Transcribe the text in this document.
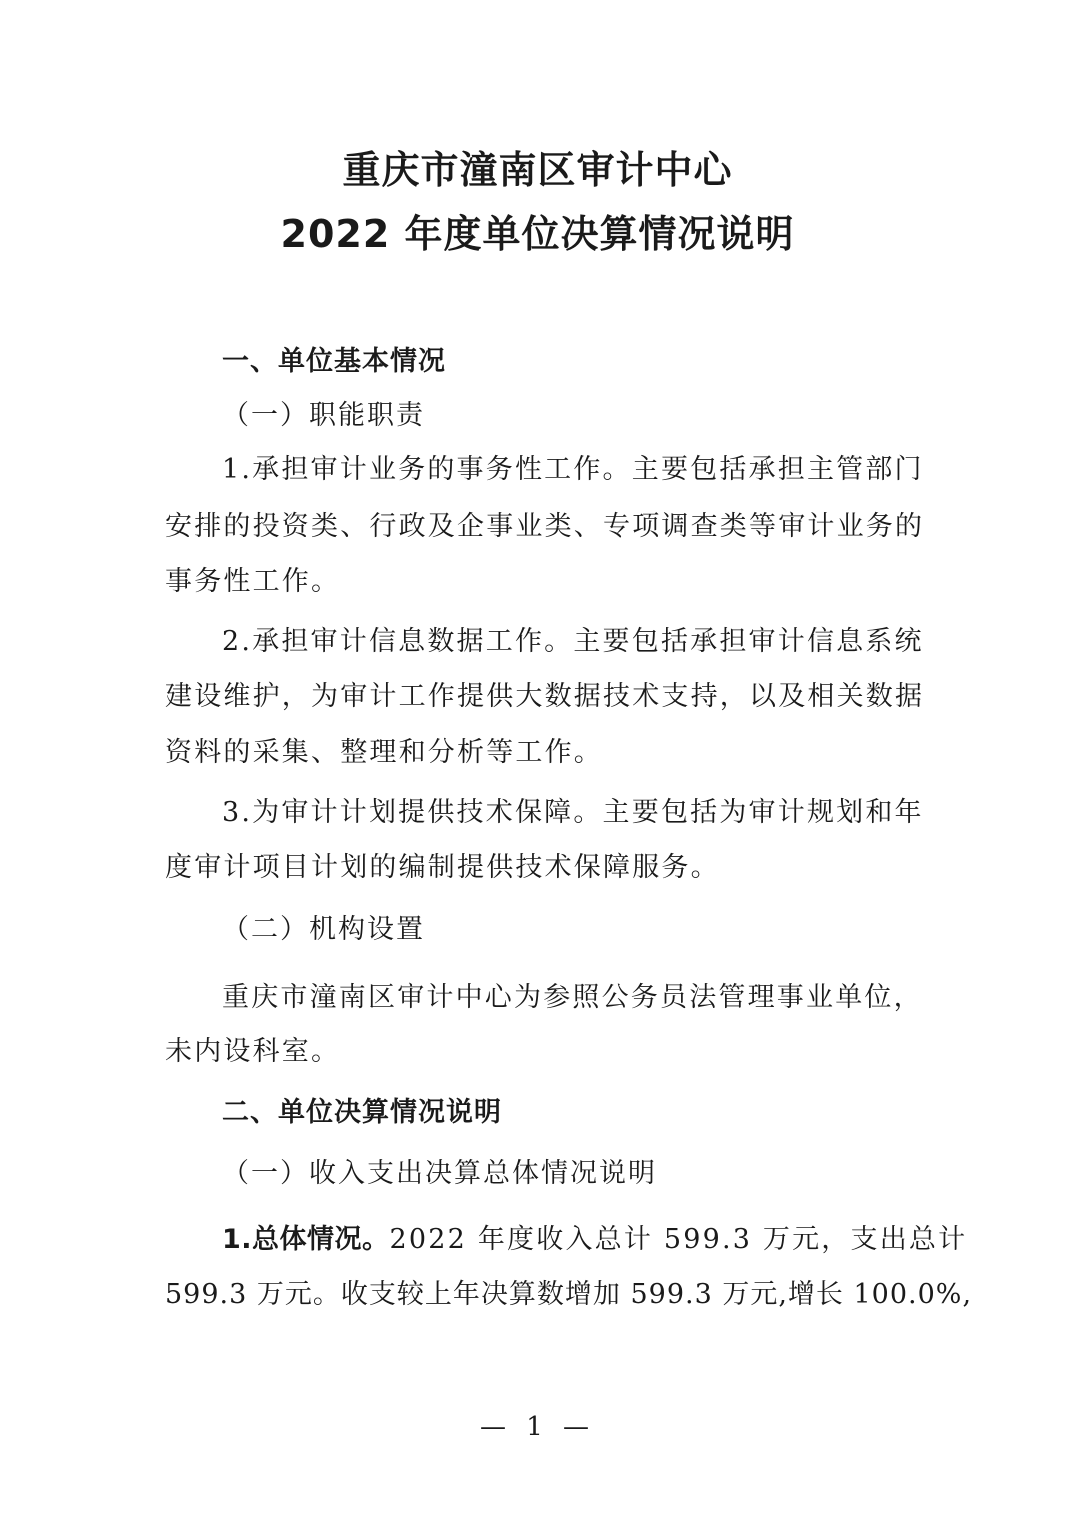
重庆市潼南区审计中心
2022 年度单位决算情况说明
一、单位基本情况
（一）职能职责
1.承担审计业务的事务性工作。主要包括承担主管部门
安排的投资类、行政及企事业类、专项调查类等审计业务的
事务性工作。
2.承担审计信息数据工作。主要包括承担审计信息系统
建设维护，为审计工作提供大数据技术支持，以及相关数据
资料的采集、整理和分析等工作。
3.为审计计划提供技术保障。主要包括为审计规划和年
度审计项目计划的编制提供技术保障服务。
（二）机构设置
重庆市潼南区审计中心为参照公务员法管理事业单位，
未内设科室。
二、单位决算情况说明
（一）收入支出决算总体情况说明
1.总体情况。2022 年度收入总计 599.3 万元，支出总计
599.3 万元。收支较上年决算数增加 599.3 万元,增长 100.0%,
— 1 —
